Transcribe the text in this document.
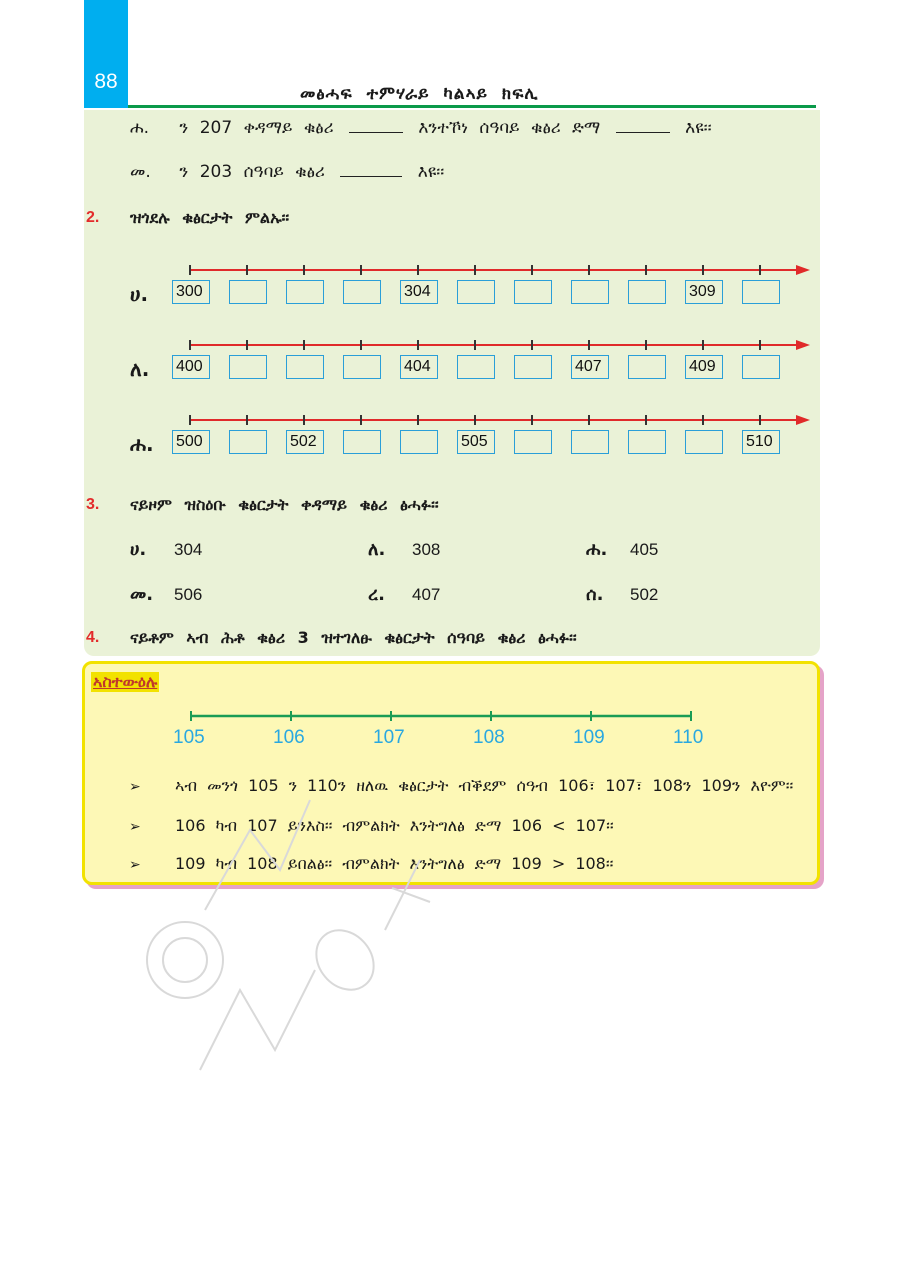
88
መፅሓፍ ተምሃራይ ካልኣይ ክፍሊ
ሐ. ን 207 ቀዳማይ ቁፅሪ	እንተኾነ ሰዓባይ ቁፅሪ ድማ	እዩ፡፡
መ. ን 203 ሰዓባይ ቁፅሪ	እዩ፡፡
2. ዝጎደሉ ቁፅርታት ምልኡ፡፡
ሀ. 300	304	309
ለ. 400	404	407	409
ሐ. 500	502	505	510
3. ናይዞም ዝስዕቡ ቁፅርታት ቀዳማይ ቁፅሪ ፅሓፉ፡፡
ሀ. 304	ለ. 308	ሐ. 405
መ. 506	ረ. 407	ሰ. 502
4. ናይቶም ኣብ ሕቶ ቁፅሪ 3 ዝተገለፁ ቁፅርታት ሰዓባይ ቁፅሪ ፅሓፉ፡፡
ኣስተውዕሉ
105	106	107	108	109	110
➢ ኣብ መንጎ 105 ን 110ን ዘለዉ ቁፅርታት ብቕደም ሰዓብ 106፣ 107፣ 108ን 109ን እዮም፡፡
➢ 106 ካብ 107 ይንእስ፡፡ ብምልክት እንትግለፅ ድማ 106 < 107፡፡
➢ 109 ካብ 108 ይበልፅ፡፡ ብምልክት እንትግለፅ ድማ 109 > 108፡፡
